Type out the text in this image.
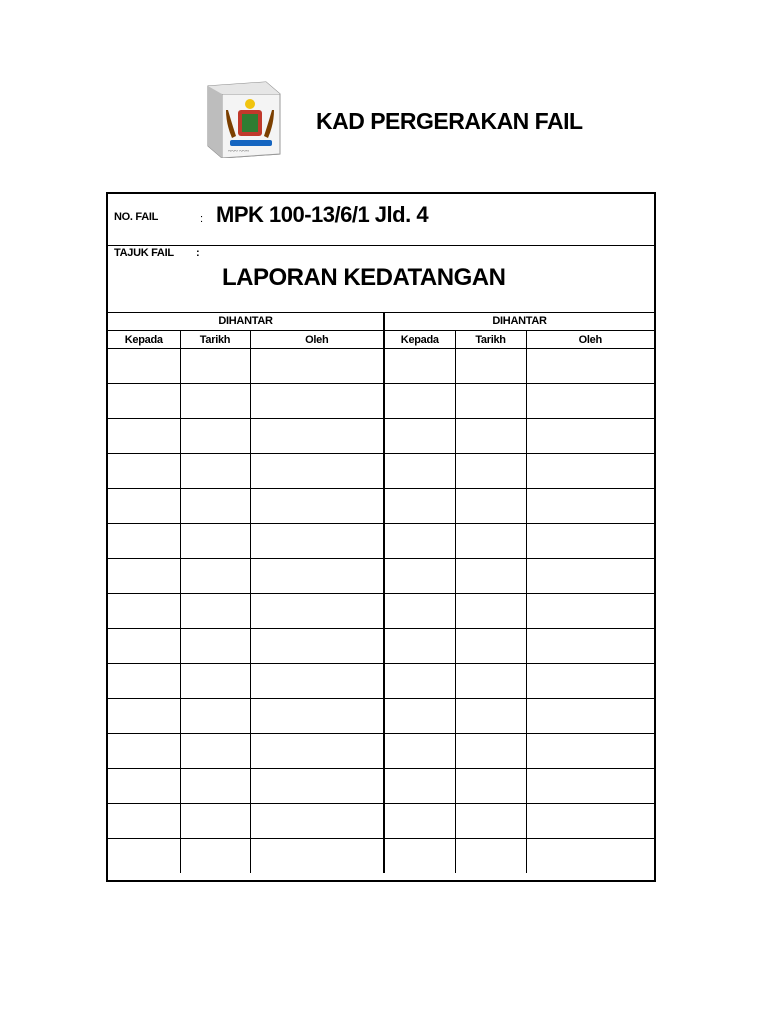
~~~ ~~~
KAD PERGERAKAN FAIL
NO. FAIL	: MPK 100-13/6/1 Jld. 4
TAJUK FAIL :
LAPORAN KEDATANGAN
DIHANTAR			DIHANTAR		
Kepada	Tarikh	Oleh	Kepada	Tarikh	Oleh
